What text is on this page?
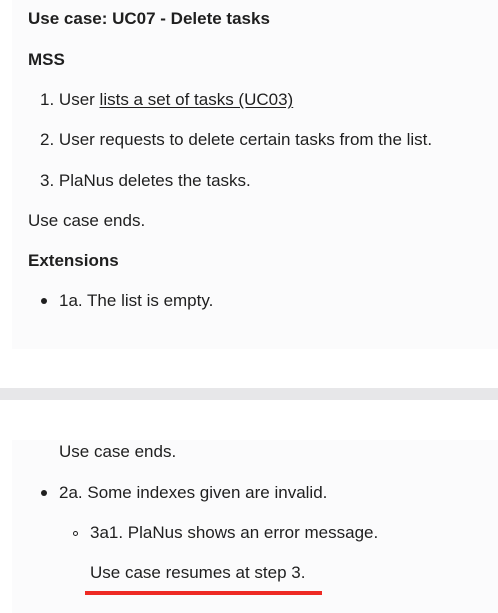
Use case: UC07 - Delete tasks
MSS
1. User lists a set of tasks (UC03)
2. User requests to delete certain tasks from the list.
3. PlaNus deletes the tasks.
Use case ends.
Extensions
1a. The list is empty.
Use case ends.
2a. Some indexes given are invalid.
3a1. PlaNus shows an error message.
Use case resumes at step 3.
